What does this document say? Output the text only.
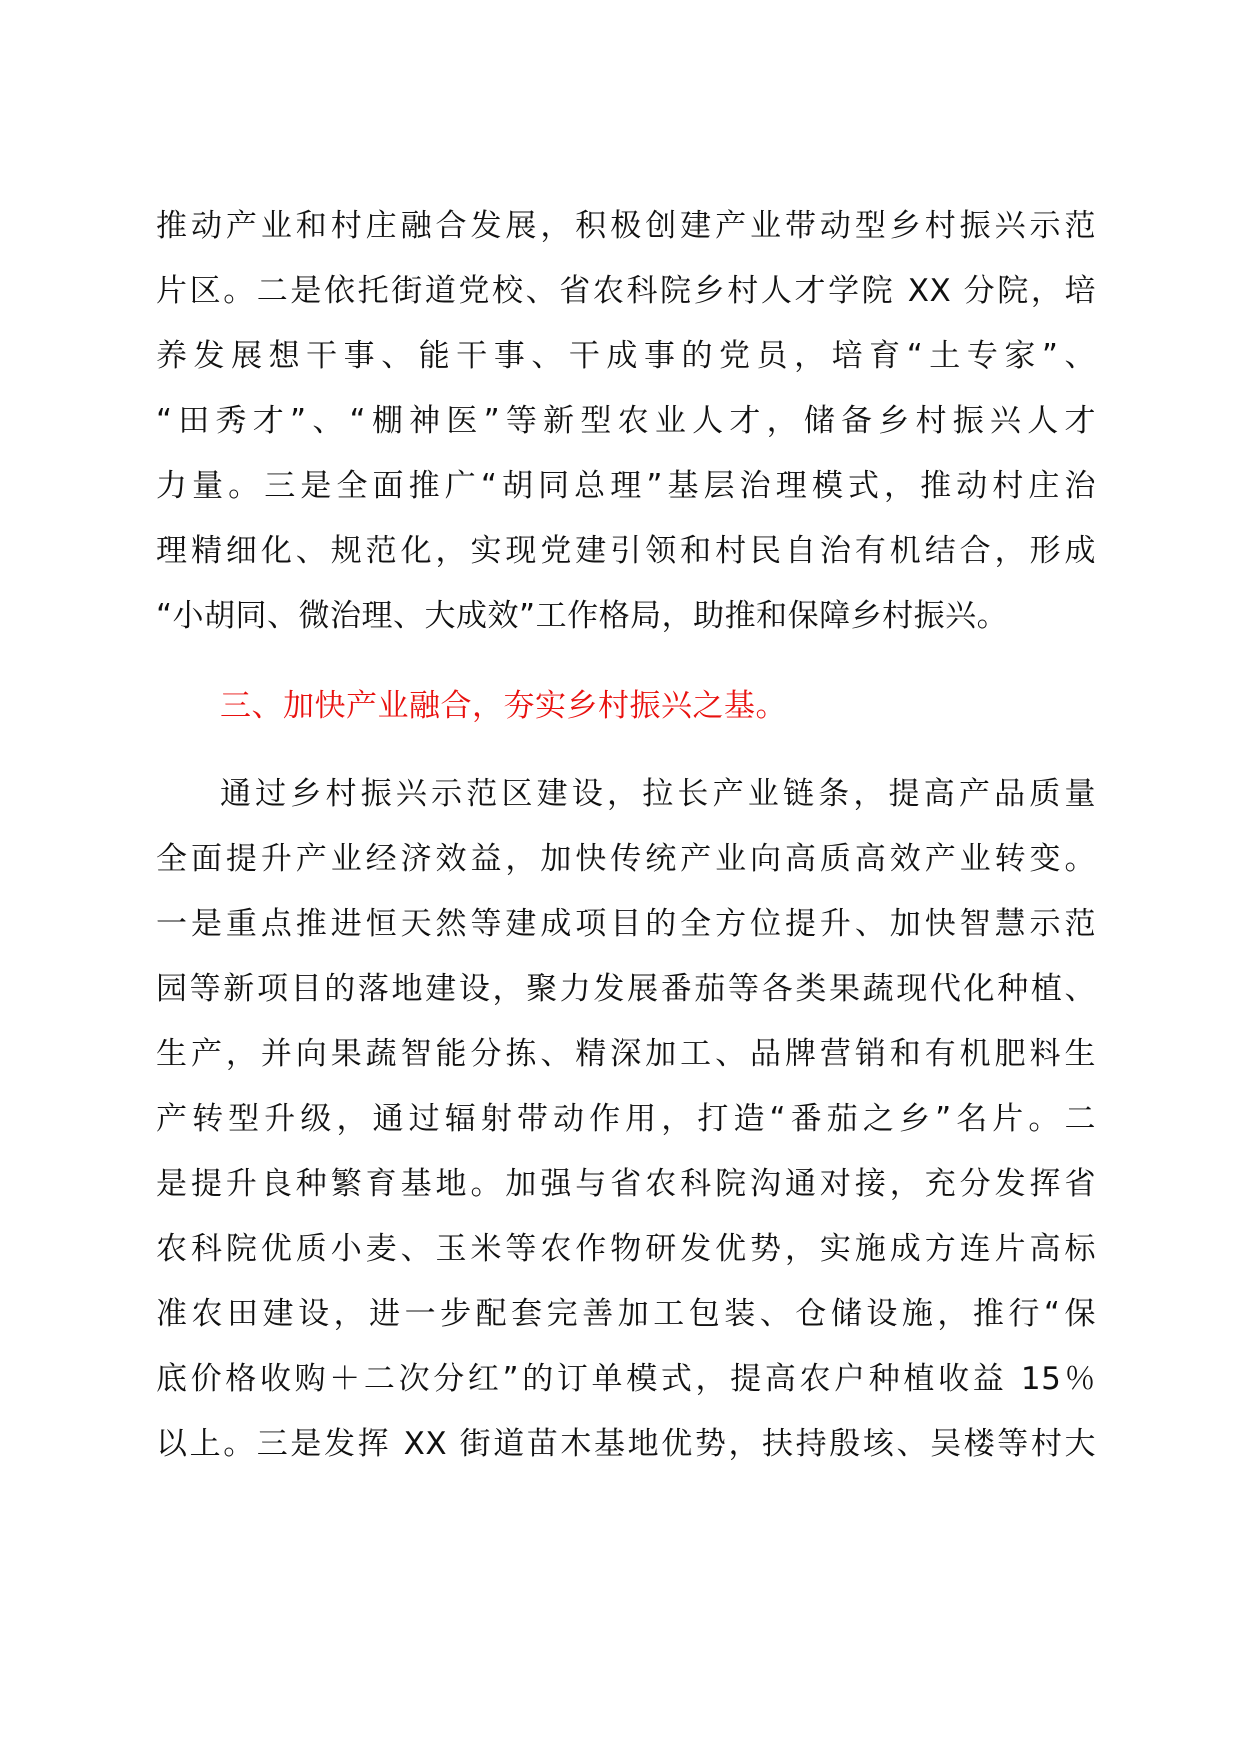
推动产业和村庄融合发展，积极创建产业带动型乡村振兴示范
片区。二是依托街道党校、省农科院乡村人才学院 XX 分院，培
养发展想干事、能干事、干成事的党员，培育“土专家”、
“田秀才”、“棚神医”等新型农业人才，储备乡村振兴人才
力量。三是全面推广“胡同总理”基层治理模式，推动村庄治
理精细化、规范化，实现党建引领和村民自治有机结合，形成
“小胡同、微治理、大成效”工作格局，助推和保障乡村振兴。
三、加快产业融合，夯实乡村振兴之基。
通过乡村振兴示范区建设，拉长产业链条，提高产品质量
全面提升产业经济效益，加快传统产业向高质高效产业转变。
一是重点推进恒天然等建成项目的全方位提升、加快智慧示范
园等新项目的落地建设，聚力发展番茄等各类果蔬现代化种植、
生产，并向果蔬智能分拣、精深加工、品牌营销和有机肥料生
产转型升级，通过辐射带动作用，打造“番茄之乡”名片。二
是提升良种繁育基地。加强与省农科院沟通对接，充分发挥省
农科院优质小麦、玉米等农作物研发优势，实施成方连片高标
准农田建设，进一步配套完善加工包装、仓储设施，推行“保
底价格收购＋二次分红”的订单模式，提高农户种植收益 15％
以上。三是发挥 XX 街道苗木基地优势，扶持殷垓、吴楼等村大
